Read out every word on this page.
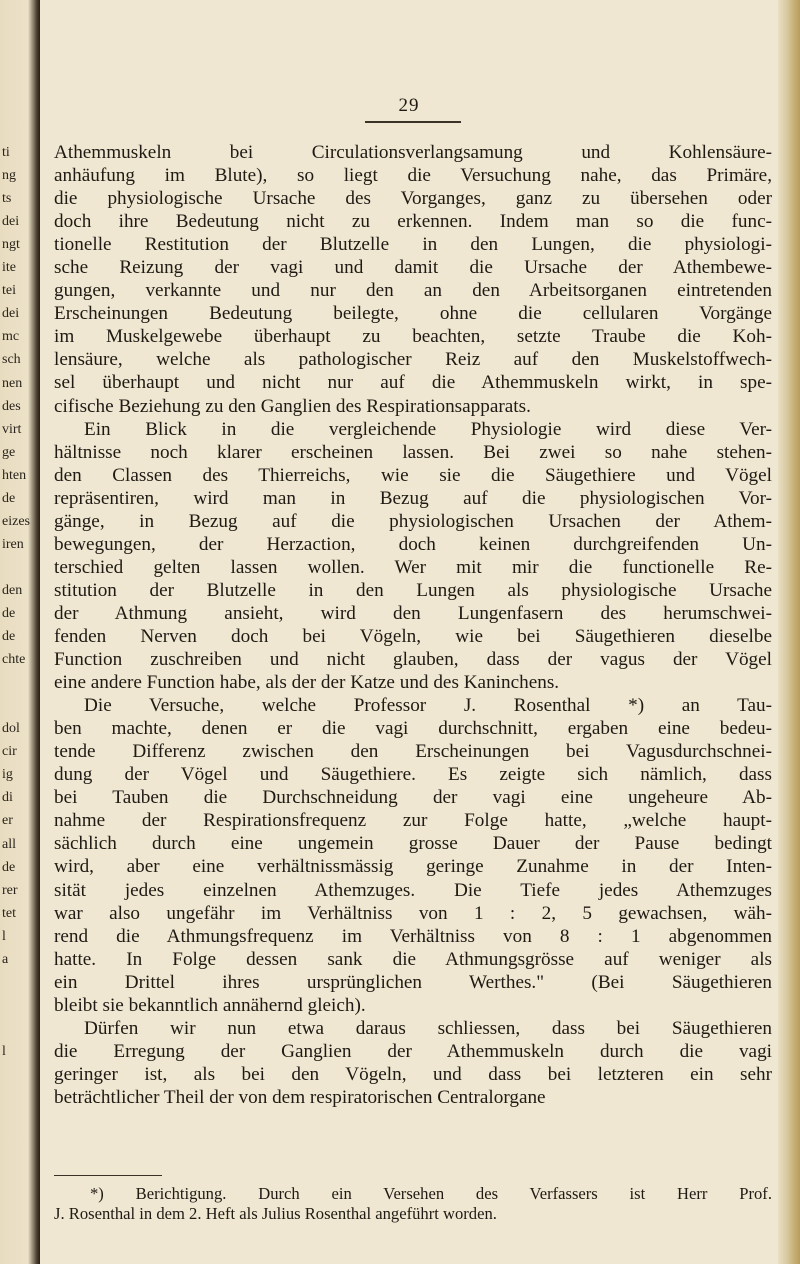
ti
ng
ts
dei
ngt
ite
tei
dei
mc
sch
nen
des
virt
ge
hten
de
eizes
iren
den
de
de
chte
dol
cir
ig
di
er
all
de
rer
tet
l
a
l
29
Athemmuskeln bei Circulationsverlangsamung und Kohlensäure-
anhäufung im Blute), so liegt die Versuchung nahe, das Primäre,
die physiologische Ursache des Vorganges, ganz zu übersehen oder
doch ihre Bedeutung nicht zu erkennen. Indem man so die func-
tionelle Restitution der Blutzelle in den Lungen, die physiologi-
sche Reizung der vagi und damit die Ursache der Athembewe-
gungen, verkannte und nur den an den Arbeitsorganen eintretenden
Erscheinungen Bedeutung beilegte, ohne die cellularen Vorgänge
im Muskelgewebe überhaupt zu beachten, setzte Traube die Koh-
lensäure, welche als pathologischer Reiz auf den Muskelstoffwech-
sel überhaupt und nicht nur auf die Athemmuskeln wirkt, in spe-
cifische Beziehung zu den Ganglien des Respirationsapparats.
Ein Blick in die vergleichende Physiologie wird diese Ver-
hältnisse noch klarer erscheinen lassen. Bei zwei so nahe stehen-
den Classen des Thierreichs, wie sie die Säugethiere und Vögel
repräsentiren, wird man in Bezug auf die physiologischen Vor-
gänge, in Bezug auf die physiologischen Ursachen der Athem-
bewegungen, der Herzaction, doch keinen durchgreifenden Un-
terschied gelten lassen wollen. Wer mit mir die functionelle Re-
stitution der Blutzelle in den Lungen als physiologische Ursache
der Athmung ansieht, wird den Lungenfasern des herumschwei-
fenden Nerven doch bei Vögeln, wie bei Säugethieren dieselbe
Function zuschreiben und nicht glauben, dass der vagus der Vögel
eine andere Function habe, als der der Katze und des Kaninchens.
Die Versuche, welche Professor J. Rosenthal *) an Tau-
ben machte, denen er die vagi durchschnitt, ergaben eine bedeu-
tende Differenz zwischen den Erscheinungen bei Vagusdurchschnei-
dung der Vögel und Säugethiere. Es zeigte sich nämlich, dass
bei Tauben die Durchschneidung der vagi eine ungeheure Ab-
nahme der Respirationsfrequenz zur Folge hatte, „welche haupt-
sächlich durch eine ungemein grosse Dauer der Pause bedingt
wird, aber eine verhältnissmässig geringe Zunahme in der Inten-
sität jedes einzelnen Athemzuges. Die Tiefe jedes Athemzuges
war also ungefähr im Verhältniss von 1 : 2, 5 gewachsen, wäh-
rend die Athmungsfrequenz im Verhältniss von 8 : 1 abgenommen
hatte. In Folge dessen sank die Athmungsgrösse auf weniger als
ein Drittel ihres ursprünglichen Werthes." (Bei Säugethieren
bleibt sie bekanntlich annähernd gleich).
Dürfen wir nun etwa daraus schliessen, dass bei Säugethieren
die Erregung der Ganglien der Athemmuskeln durch die vagi
geringer ist, als bei den Vögeln, und dass bei letzteren ein sehr
beträchtlicher Theil der von dem respiratorischen Centralorgane
*) Berichtigung. Durch ein Versehen des Verfassers ist Herr Prof.
J. Rosenthal in dem 2. Heft als Julius Rosenthal angeführt worden.
